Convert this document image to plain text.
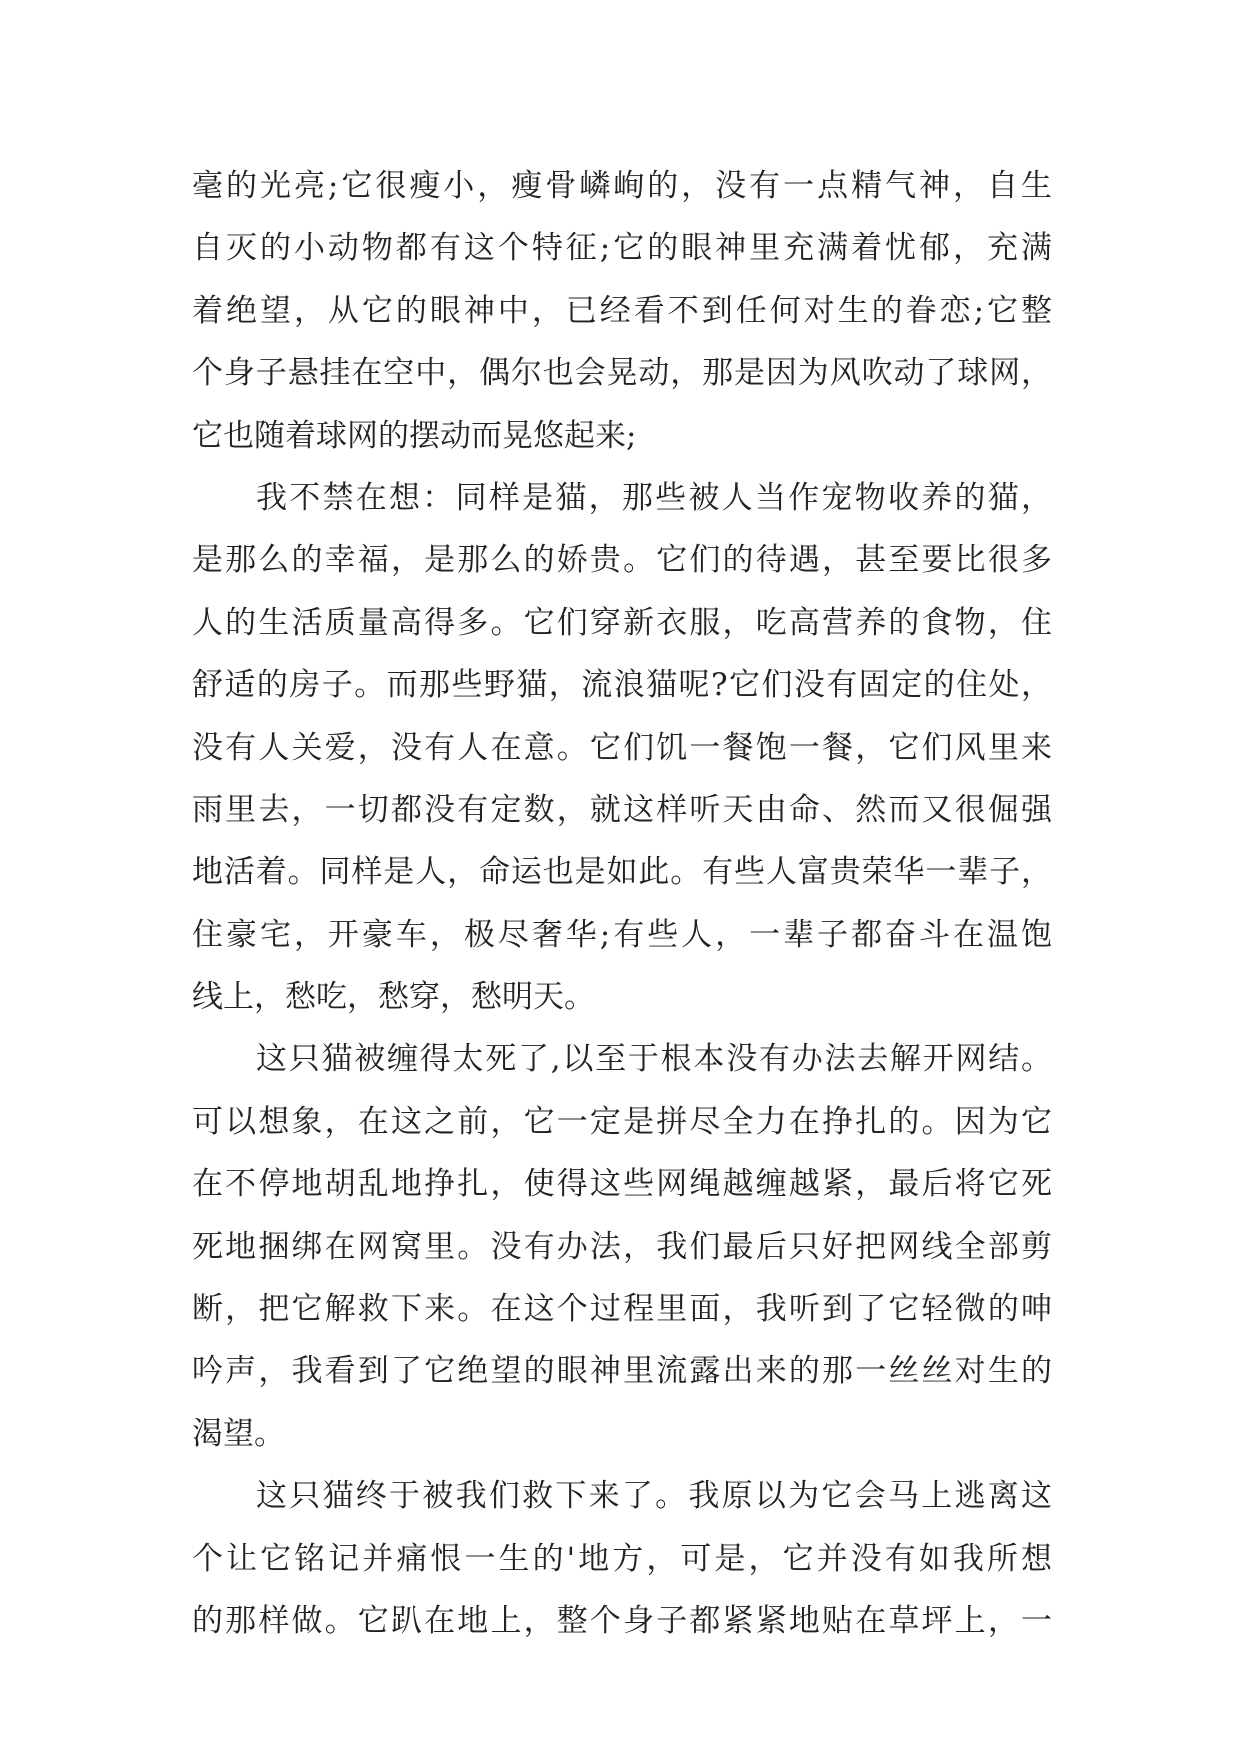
毫的光亮;它很瘦小，瘦骨嶙峋的，没有一点精气神，自生
自灭的小动物都有这个特征;它的眼神里充满着忧郁，充满
着绝望，从它的眼神中，已经看不到任何对生的眷恋;它整
个身子悬挂在空中，偶尔也会晃动，那是因为风吹动了球网，
它也随着球网的摆动而晃悠起来;
我不禁在想：同样是猫，那些被人当作宠物收养的猫，
是那么的幸福，是那么的娇贵。它们的待遇，甚至要比很多
人的生活质量高得多。它们穿新衣服，吃高营养的食物，住
舒适的房子。而那些野猫，流浪猫呢?它们没有固定的住处，
没有人关爱，没有人在意。它们饥一餐饱一餐，它们风里来
雨里去，一切都没有定数，就这样听天由命、然而又很倔强
地活着。同样是人，命运也是如此。有些人富贵荣华一辈子，
住豪宅，开豪车，极尽奢华;有些人，一辈子都奋斗在温饱
线上，愁吃，愁穿，愁明天。
这只猫被缠得太死了,以至于根本没有办法去解开网结。
可以想象，在这之前，它一定是拼尽全力在挣扎的。因为它
在不停地胡乱地挣扎，使得这些网绳越缠越紧，最后将它死
死地捆绑在网窝里。没有办法，我们最后只好把网线全部剪
断，把它解救下来。在这个过程里面，我听到了它轻微的呻
吟声，我看到了它绝望的眼神里流露出来的那一丝丝对生的
渴望。
这只猫终于被我们救下来了。我原以为它会马上逃离这
个让它铭记并痛恨一生的'地方，可是，它并没有如我所想
的那样做。它趴在地上，整个身子都紧紧地贴在草坪上，一
